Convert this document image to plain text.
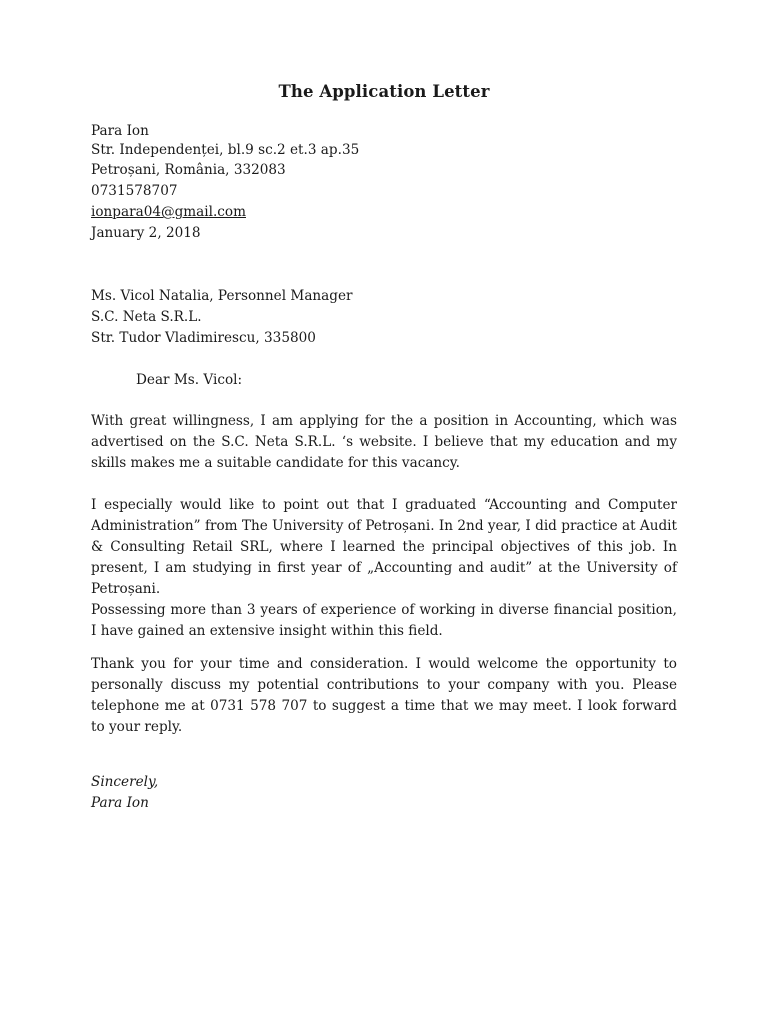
The Application Letter
Para Ion
Str. Independenței, bl.9 sc.2 et.3 ap.35
Petroșani, România, 332083
0731578707
ionpara04@gmail.com
January 2, 2018
Ms. Vicol Natalia, Personnel Manager
S.C. Neta S.R.L.
Str. Tudor Vladimirescu, 335800
Dear Ms. Vicol:

With great willingness, I am applying for the a position in Accounting, which was advertised on the S.C. Neta S.R.L. ‘s website. I believe that my education and my skills makes me a suitable candidate for this vacancy.

I especially would like to point out that I graduated “Accounting and Computer Administration” from The University of Petroșani. In 2nd year, I did practice at Audit & Consulting Retail SRL, where I learned the principal objectives of this job. In present, I am studying in first year of „Accounting and audit” at the University of Petroșani.

Possessing more than 3 years of experience of working in diverse financial position, I have gained an extensive insight within this field.

Thank you for your time and consideration. I would welcome the opportunity to personally discuss my potential contributions to your company with you. Please telephone me at 0731 578 707 to suggest a time that we may meet. I look forward to your reply.

Sincerely,
Para Ion
